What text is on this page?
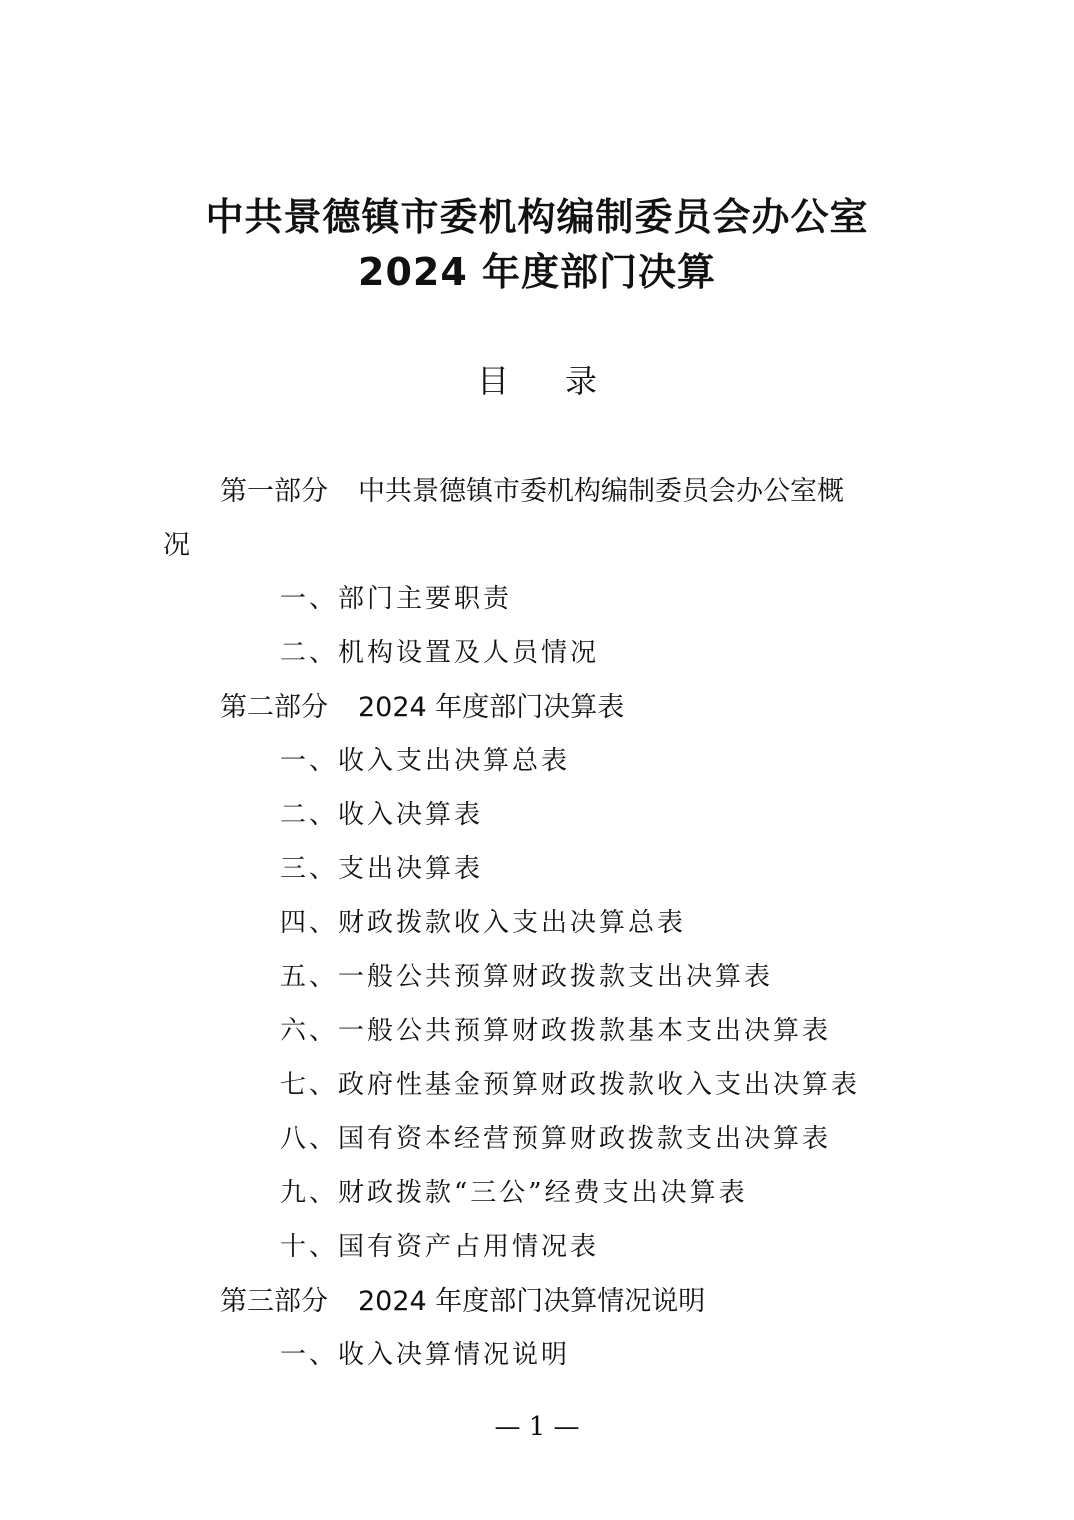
中共景德镇市委机构编制委员会办公室
2024 年度部门决算
目录
第一部分 中共景德镇市委机构编制委员会办公室概
况
一、部门主要职责
二、机构设置及人员情况
第二部分 2024 年度部门决算表
一、收入支出决算总表
二、收入决算表
三、支出决算表
四、财政拨款收入支出决算总表
五、一般公共预算财政拨款支出决算表
六、一般公共预算财政拨款基本支出决算表
七、政府性基金预算财政拨款收入支出决算表
八、国有资本经营预算财政拨款支出决算表
九、财政拨款“三公”经费支出决算表
十、国有资产占用情况表
第三部分 2024 年度部门决算情况说明
一、收入决算情况说明
— 1 —
